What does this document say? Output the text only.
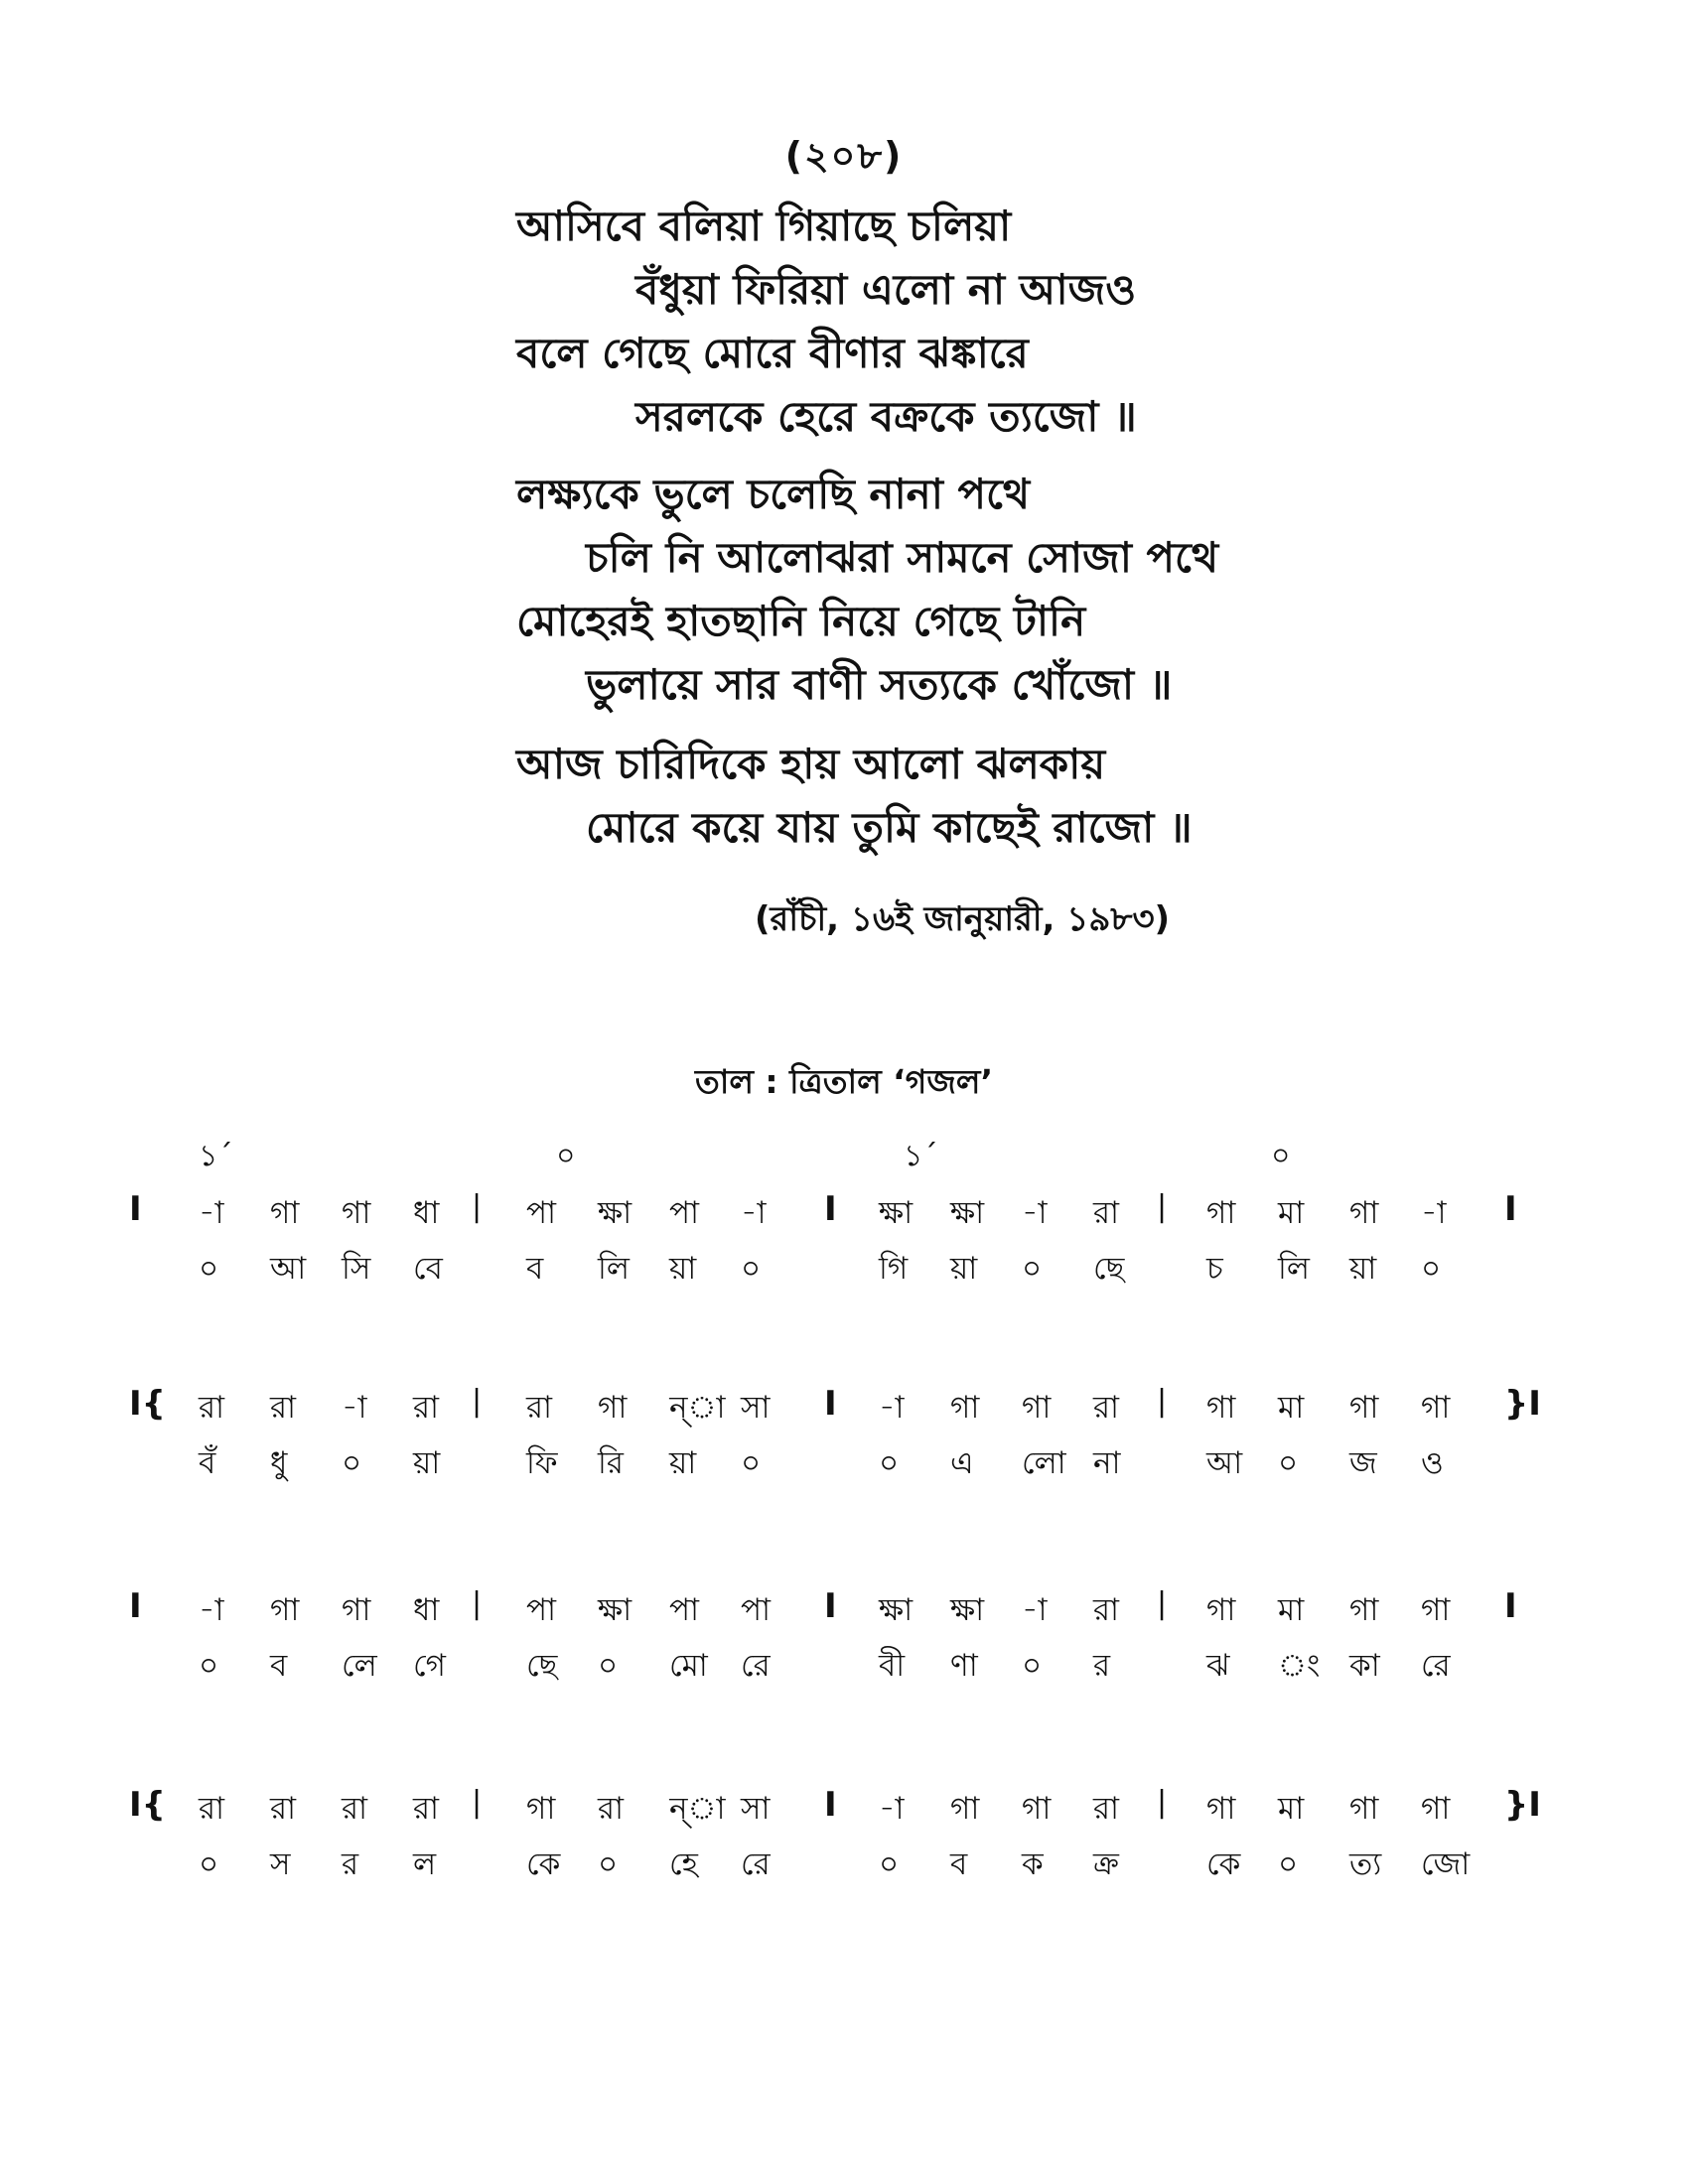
(২০৮)
আসিবে বলিয়া গিয়াছে চলিয়া
বঁধুয়া ফিরিয়া এলো না আজও
বলে গেছে মোরে বীণার ঝঙ্কারে
সরলকে হেরে বক্রকে ত্যজো ॥
লক্ষ্যকে ভুলে চলেছি নানা পথে
চলি নি আলোঝরা সামনে সোজা পথে
মোহেরই হাতছানি নিয়ে গেছে টানি
ভুলায়ে সার বাণী সত্যকে খোঁজো ॥
আজ চারিদিকে হায় আলো ঝলকায়
মোরে কয়ে যায় তুমি কাছেই রাজো ॥
(রাঁচী, ১৬ই জানুয়ারী, ১৯৮৩)
তাল : ত্রিতাল ‘গজল’
১´	০	১´	০
I -া গা গা ধা	পা ক্ষা পা -া	ক্ষা ক্ষা -া রা	গা মা গা -া
|	I	|	I
০ আ সি বে	ব লি য়া ০	গি য়া ০ ছে	চ লি য়া ০
I{ রা রা -া রা	রা গা ন্া সা	-া গা গা রা	গা মা গা গা
|	I	|	}I
বঁ ধু ০ য়া	ফি রি য়া ০	০ এ লো না	আ ০ জ ও
I -া গা গা ধা	পা ক্ষা পা পা	ক্ষা ক্ষা -া রা	গা মা গা গা
|	I	|	I
০ ব লে গে	ছে ০ মো রে	বী ণা ০ র	ঝ ং কা রে
I{ রা রা রা রা	গা রা ন্া সা	-া গা গা রা	গা মা গা গা
|	I	|	}I
০ স র ল	কে ০ হে রে	০ ব ক ক্র	কে ০ ত্য জো
